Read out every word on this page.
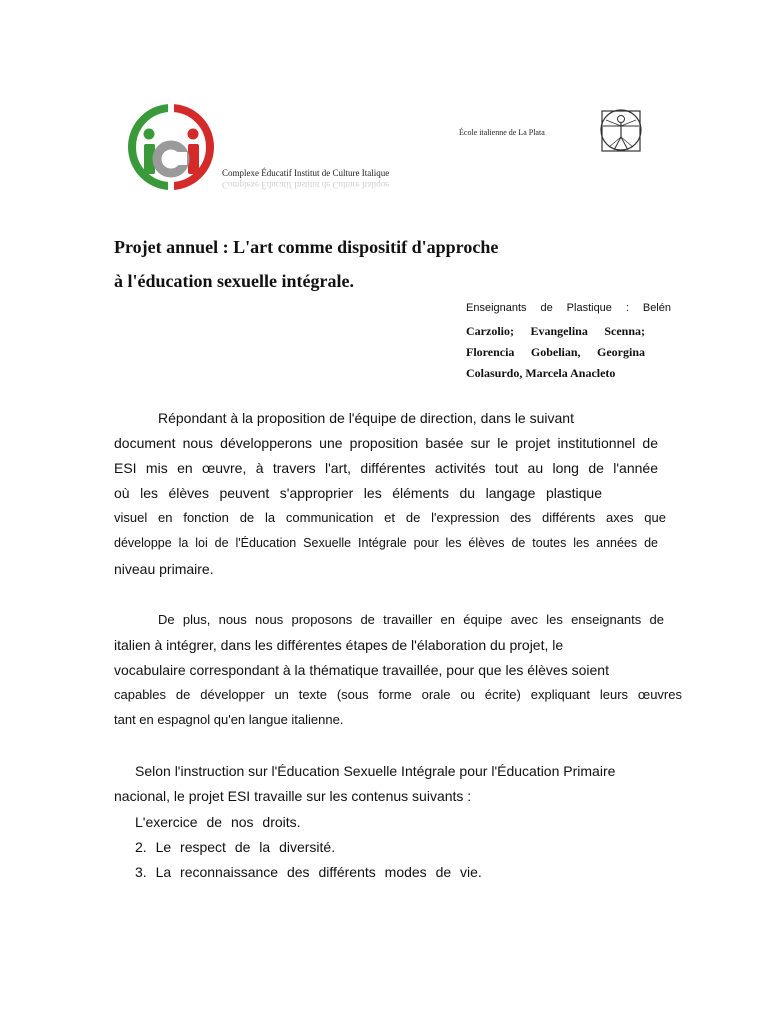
Complexe Éducatif Institut de Culture Italique
Complexe Éducatif Institut de Culture Italique
École italienne de La Plata
Projet annuel : L'art comme dispositif d'approche
à l'éducation sexuelle intégrale.
Enseignants de Plastique : Belén
Carzolio; Evangelina Scenna;
Florencia Gobelian, Georgina
Colasurdo, Marcela Anacleto
Répondant à la proposition de l'équipe de direction, dans le suivant
document nous développerons une proposition basée sur le projet institutionnel de
ESI mis en œuvre, à travers l'art, différentes activités tout au long de l'année
où les élèves peuvent s'approprier les éléments du langage plastique
visuel en fonction de la communication et de l'expression des différents axes que
développe la loi de l'Éducation Sexuelle Intégrale pour les élèves de toutes les années de
niveau primaire.
De plus, nous nous proposons de travailler en équipe avec les enseignants de
italien à intégrer, dans les différentes étapes de l'élaboration du projet, le
vocabulaire correspondant à la thématique travaillée, pour que les élèves soient
capables de développer un texte (sous forme orale ou écrite) expliquant leurs œuvres
tant en espagnol qu'en langue italienne.
Selon l'instruction sur l'Éducation Sexuelle Intégrale pour l'Éducation Primaire
nacional, le projet ESI travaille sur les contenus suivants :
L'exercice de nos droits.
2. Le respect de la diversité.
3. La reconnaissance des différents modes de vie.
